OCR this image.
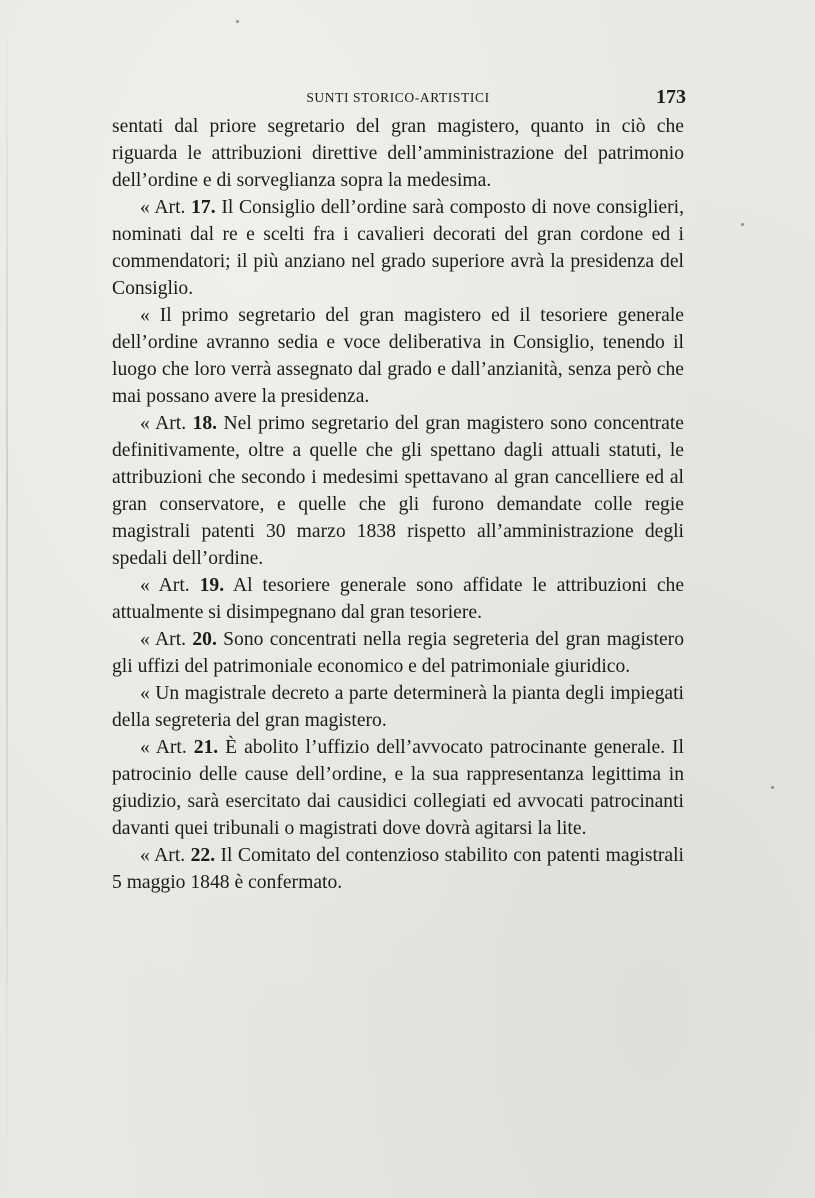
SUNTI STORICO-ARTISTICI	173

sentati dal priore segretario del gran magistero, quanto in ciò che riguarda le attribuzioni direttive dell’amministrazione del patrimonio dell’ordine e di sorveglianza sopra la medesima.

« Art. 17. Il Consiglio dell’ordine sarà composto di nove consiglieri, nominati dal re e scelti fra i cavalieri decorati del gran cordone ed i commendatori; il più anziano nel grado superiore avrà la presidenza del Consiglio.

« Il primo segretario del gran magistero ed il tesoriere generale dell’ordine avranno sedia e voce deliberativa in Consiglio, tenendo il luogo che loro verrà assegnato dal grado e dall’anzianità, senza però che mai possano avere la presidenza.

« Art. 18. Nel primo segretario del gran magistero sono concentrate definitivamente, oltre a quelle che gli spettano dagli attuali statuti, le attribuzioni che secondo i medesimi spettavano al gran cancelliere ed al gran conservatore, e quelle che gli furono demandate colle regie magistrali patenti 30 marzo 1838 rispetto all’amministrazione degli spedali dell’ordine.

« Art. 19. Al tesoriere generale sono affidate le attribuzioni che attualmente si disimpegnano dal gran tesoriere.

« Art. 20. Sono concentrati nella regia segreteria del gran magistero gli uffizi del patrimoniale economico e del patrimoniale giuridico.

« Un magistrale decreto a parte determinerà la pianta degli impiegati della segreteria del gran magistero.

« Art. 21. È abolito l’uffizio dell’avvocato patrocinante generale. Il patrocinio delle cause dell’ordine, e la sua rappresentanza legittima in giudizio, sarà esercitato dai causidici collegiati ed avvocati patrocinanti davanti quei tribunali o magistrati dove dovrà agitarsi la lite.

« Art. 22. Il Comitato del contenzioso stabilito con patenti magistrali 5 maggio 1848 è confermato.
